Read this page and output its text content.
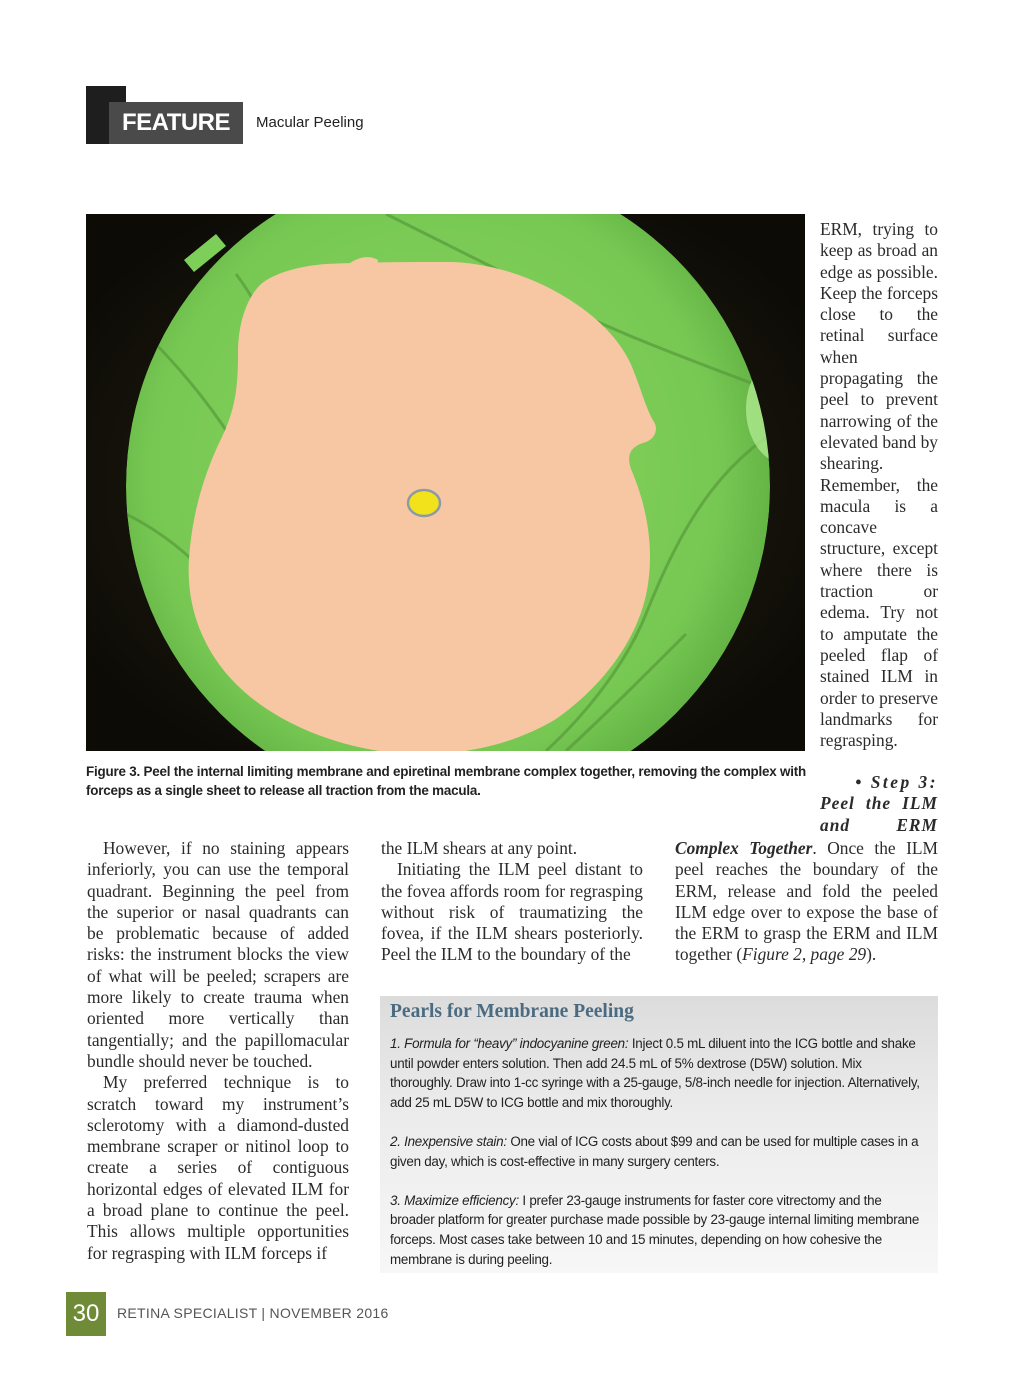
FEATURE	Macular Peeling
Figure 3. Peel the internal limiting membrane and epiretinal membrane complex together, removing the complex with forceps as a single sheet to release all traction from the macula.
ERM, trying to keep as broad an edge as possible. Keep the forceps close to the retinal surface when propagating the peel to prevent narrowing of the elevated band by shearing. Remember, the macula is a concave structure, except where there is traction or edema. Try not to amputate the peeled flap of stained ILM in order to preserve landmarks for regrasping.
• Step 3:
Peel the ILM
and ERM

However, if no staining appears inferiorly, you can use the temporal quadrant. Beginning the peel from the superior or nasal quadrants can be problematic because of added risks: the instrument blocks the view of what will be peeled; scrapers are more likely to create trauma when oriented more vertically than tangentially; and the papillomacular bundle should never be touched.

My preferred technique is to scratch toward my instrument’s sclerotomy with a diamond-dusted membrane scraper or nitinol loop to create a series of contiguous horizontal edges of elevated ILM for a broad plane to continue the peel. This allows multiple opportunities for regrasping with ILM forceps if

the ILM shears at any point.

Initiating the ILM peel distant to the fovea affords room for regrasping without risk of traumatizing the fovea, if the ILM shears posteriorly. Peel the ILM to the boundary of the

Complex Together. Once the ILM peel reaches the boundary of the ERM, release and fold the peeled ILM edge over to expose the base of the ERM to grasp the ERM and ILM together (Figure 2, page 29).

Pearls for Membrane Peeling

1. Formula for “heavy” indocyanine green: Inject 0.5 mL diluent into the ICG bottle and shake until powder enters solution. Then add 24.5 mL of 5% dextrose (D5W) solution. Mix thoroughly. Draw into 1-cc syringe with a 25-gauge, 5/8-inch needle for injection. Alternatively, add 25 mL D5W to ICG bottle and mix thoroughly.

2. Inexpensive stain: One vial of ICG costs about $99 and can be used for multiple cases in a given day, which is cost-effective in many surgery centers.

3. Maximize efficiency: I prefer 23-gauge instruments for faster core vitrectomy and the broader platform for greater purchase made possible by 23-gauge internal limiting membrane forceps. Most cases take between 10 and 15 minutes, depending on how cohesive the membrane is during peeling.

30	RETINA SPECIALIST | NOVEMBER 2016
